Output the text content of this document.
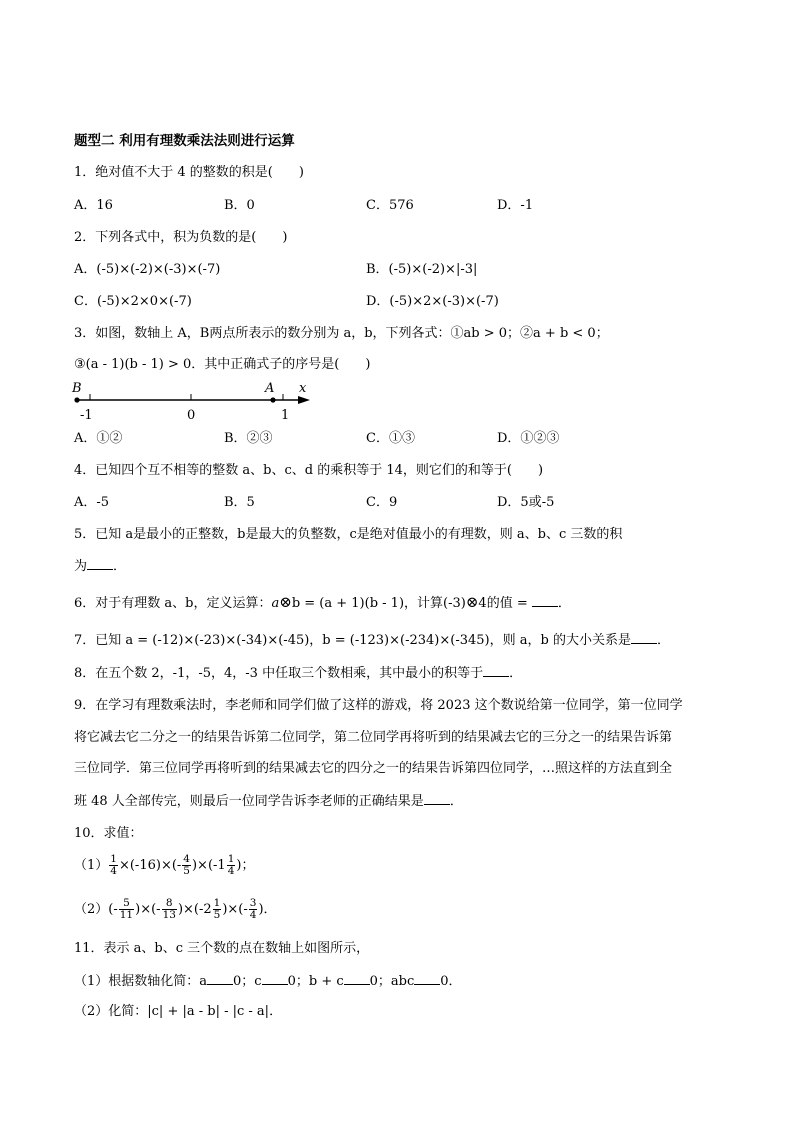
题型二 利用有理数乘法法则进行运算
1．绝对值不大于 4 的整数的积是(　　)
A．16	B．0	C．576	D．-1
2．下列各式中，积为负数的是(　　)
A．(-5)×(-2)×(-3)×(-7)	B．(-5)×(-2)×|-3|
C．(-5)×2×0×(-7)	D．(-5)×2×(-3)×(-7)
3．如图，数轴上 A，B两点所表示的数分别为 a，b，下列各式：①ab > 0；②a + b < 0；
③(a - 1)(b - 1) > 0．其中正确式子的序号是(　　)
B	A x
-1	0	1
A．①②	B．②③	C．①③	D．①②③
4．已知四个互不相等的整数 a、b、c、d 的乘积等于 14，则它们的和等于(　　)
A．-5	B．5	C．9	D．5或-5
5．已知 a是最小的正整数，b是最大的负整数，c是绝对值最小的有理数，则 a、b、c 三数的积
为 ．
6．对于有理数 a、b，定义运算：a⊗b = (a + 1)(b - 1)，计算(-3)⊗4的值 = ．
7．已知 a = (-12)×(-23)×(-34)×(-45)，b = (-123)×(-234)×(-345)，则 a，b 的大小关系是 ．
8．在五个数 2，-1，-5，4，-3 中任取三个数相乘，其中最小的积等于 ．
9．在学习有理数乘法时，李老师和同学们做了这样的游戏，将 2023 这个数说给第一位同学，第一位同学
将它减去它二分之一的结果告诉第二位同学，第二位同学再将听到的结果减去它的三分之一的结果告诉第
三位同学．第三位同学再将听到的结果减去它的四分之一的结果告诉第四位同学，…照这样的方法直到全
班 48 人全部传完，则最后一位同学告诉李老师的正确结果是 ．
10．求值：
$(1) \frac{1}{4} \times(-16)\times(- \frac{4}{5} )\times(-1 \frac{1}{4}$ )；
$(2)(- \frac{5}{11}$ )×(- $\frac{8}{13} )\times(-2 \frac{1}{5}$ )×(- $\frac{3}{4}$ )．
11．表示 a、b、c 三个数的点在数轴上如图所示，
（1）根据数轴化简：a 0；c 0；b + c 0；abc 0．
（2）化简：|c| + |a - b| - |c - a|．
